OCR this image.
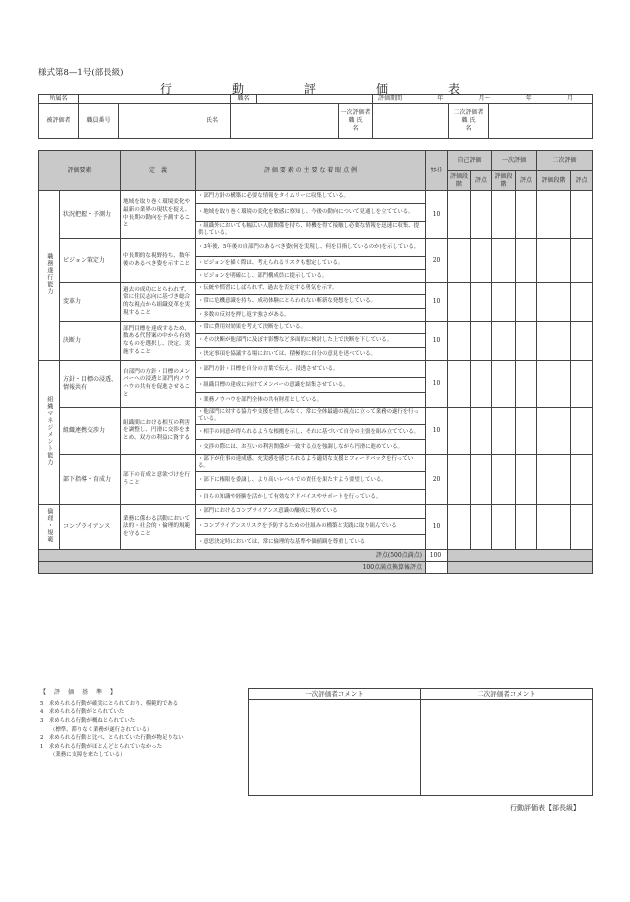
様式第8—1号(部長級)
行	動	評	価	表
所属名			職名			評価期間 年 月〜 年 月		

被評価者	職員番号	氏名			一次評価者
職 氏
名		二次評価者
職 氏
名	
評価要素		定　義	評 価 要 素 の 主 要 な 着 眼 点 例	ｳｴｲﾄ	自己評価		一次評価		二次評価	
					評価段階	評点	評価段階	評点	評価段階	評点
職務遂行能力	状況把握・予測力	地域を取り巻く環境変化や最新の業界の現状を捉え、中長期の動向を予測すること	・部門方針の構築に必要な情報をタイムリーに収集している。	10						
			・地域を取り巻く環境の変化を敏感に察知し、今後の動向について見通しを立てている。							
			・組織外においても幅広い人脈関係を持ち、時機を得て接触し必要な情報を迅速に収集、提供している。							
	ビジョン策定力	中長期的な視野持ち、数年後のあるべき姿を示すこと	・3年後、5年後の自部門のあるべき姿(何を実現し、何を目指しているのか)を示している。	20						
			・ビジョンを描く際は、考えられるリスクも想定している。							
			・ビジョンを明確にし、部門構成員に提示している。							
	変革力	過去の成功にとらわれず、常に住民志向に基づき総合的な視点から組織変革を実現すること	・伝統や慣習にしばられず、過去を否定する勇気を示す。	10						
			・常に危機意識を持ち、成功体験にとらわれない斬新な発想をしている。							
			・多数の反対を押し返す強さがある。							
	決断力	部門目標を達成するため、数ある代替案の中から有効なものを選択し、決定、実施すること	・常に費用対効果を考えて決断をしている。	10						
			・その決断が他部門に及ぼす影響など多面的に検討した上で決断を下している。							
			・決定事項を協議する場においては、積極的に自分の意見を述べている。							
組織マネジメント能力	方針・目標の浸透、情報共有	自部門の方針・目標のメンバーへの浸透と部門内ノウハウの共有を促進させること	・部門方針・目標を自分の言葉で伝え、浸透させている。	10						
			・組織目標の達成に向けてメンバーの意識を結集させている。							
			・業務ノウハウを部門全体の共有財産としている。							
	組織連携交渉力	組織間における相互の利害を調整し、円滑に交渉をまとめ、双方の利益に資する	・他部門に対する協力や支援を惜しみなく、常に全体最適の視点に立って業務の遂行を行っている。	10						
			・相手の同意が得られるような根拠を示し、それに基づいて自分の主張を組み立てている。							
			・交渉の際には、お互いの利害関係が一致する点を強調しながら円滑に進めている。							
	部下指導・育成力	部下の育成と意欲づけを行うこと	・部下が仕事の達成感、充実感を感じられるよう適切な支援とフィードバックを行っている。	20						
			・部下に権限を委譲し、より高いレベルでの責任を果たすよう要望している。							
			・自らの知識や経験を活かして有効なアドバイスやサポートを行っている。							
倫理・規範	コンプライアンス	業務に係わる活動において法的・社会的・倫理的規範を守ること	・部門におけるコンプライアンス意識の醸成に努めている	10						
			・コンプライアンスリスクを予防するための仕組みの構築と実践に取り組んでいる							
			・意思決定時においては、常に倫理的な基準や価値観を尊重している							
評点(500点満点)				100						
100点満点換算後評点										
【　評　価　基　準　】
5　求められる行動が確実にとられており、模範的である
4　求められる行動がとられていた
3　求められる行動が概ねとられていた
（標準、滞りなく業務が遂行されている）
2　求められる行動と比べ、とられていた行動が物足りない
1　求められる行動がほとんどとられていなかった
（業務に支障を来たしている）
一次評価者コメント	二次評価者コメント

行動評価表【部長級】
